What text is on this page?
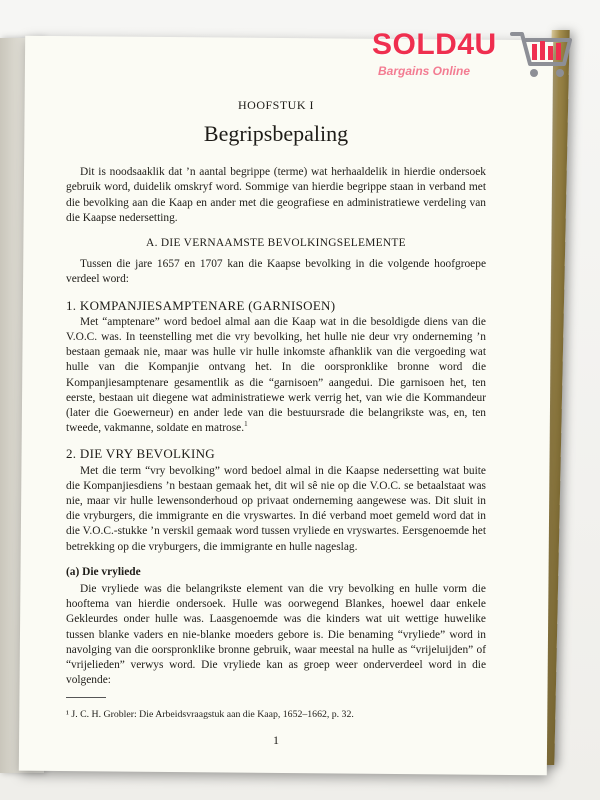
HOOFSTUK I
Begripsbepaling

Dit is noodsaaklik dat ’n aantal begrippe (terme) wat herhaaldelik in hierdie ondersoek gebruik word, duidelik omskryf word. Sommige van hierdie begrippe staan in verband met die bevolking aan die Kaap en ander met die geografiese en administratiewe verdeling van die Kaapse nedersetting.

A. DIE VERNAAMSTE BEVOLKINGSELEMENTE

Tussen die jare 1657 en 1707 kan die Kaapse bevolking in die volgende hoofgroepe verdeel word:

1. KOMPANJIESAMPTENARE (GARNISOEN)

Met “amptenare” word bedoel almal aan die Kaap wat in die besoldigde diens van die V.O.C. was. In teenstelling met die vry bevolking, het hulle nie deur vry onderneming ’n bestaan gemaak nie, maar was hulle vir hulle inkomste afhanklik van die vergoeding wat hulle van die Kompanjie ontvang het. In die oorspronklike bronne word die Kompanjiesamptenare gesamentlik as die “garnisoen” aangedui. Die garnisoen het, ten eerste, bestaan uit diegene wat administratiewe werk verrig het, van wie die Kommandeur (later die Goewerneur) en ander lede van die bestuursrade die belangrikste was, en, ten tweede, vakmanne, soldate en matrose.$^1$

2. DIE VRY BEVOLKING

Met die term “vry bevolking” word bedoel almal in die Kaapse nedersetting wat buite die Kompanjiesdiens ’n bestaan gemaak het, dit wil sê nie op die V.O.C. se betaalstaat was nie, maar vir hulle lewensonderhoud op privaat onderneming aangewese was. Dit sluit in die vryburgers, die immigrante en die vryswartes. In dié verband moet gemeld word dat in die V.O.C.-stukke ’n verskil gemaak word tussen vryliede en vryswartes. Eersgenoemde het betrekking op die vryburgers, die immigrante en hulle nageslag.

(a) Die vryliede

Die vryliede was die belangrikste element van die vry bevolking en hulle vorm die hooftema van hierdie ondersoek. Hulle was oorwegend Blankes, hoewel daar enkele Gekleurdes onder hulle was. Laasgenoemde was die kinders wat uit wettige huwelike tussen blanke vaders en nie-blanke moeders gebore is. Die benaming “vryliede” word in navolging van die oorspronklike bronne gebruik, waar meestal na hulle as “vrijeluijden” of “vrijelieden” verwys word. Die vryliede kan as groep weer onderverdeel word in die volgende:

¹ J. C. H. Grobler: Die Arbeidsvraagstuk aan die Kaap, 1652–1662, p. 32.

1
SOLD4U
Bargains Online
